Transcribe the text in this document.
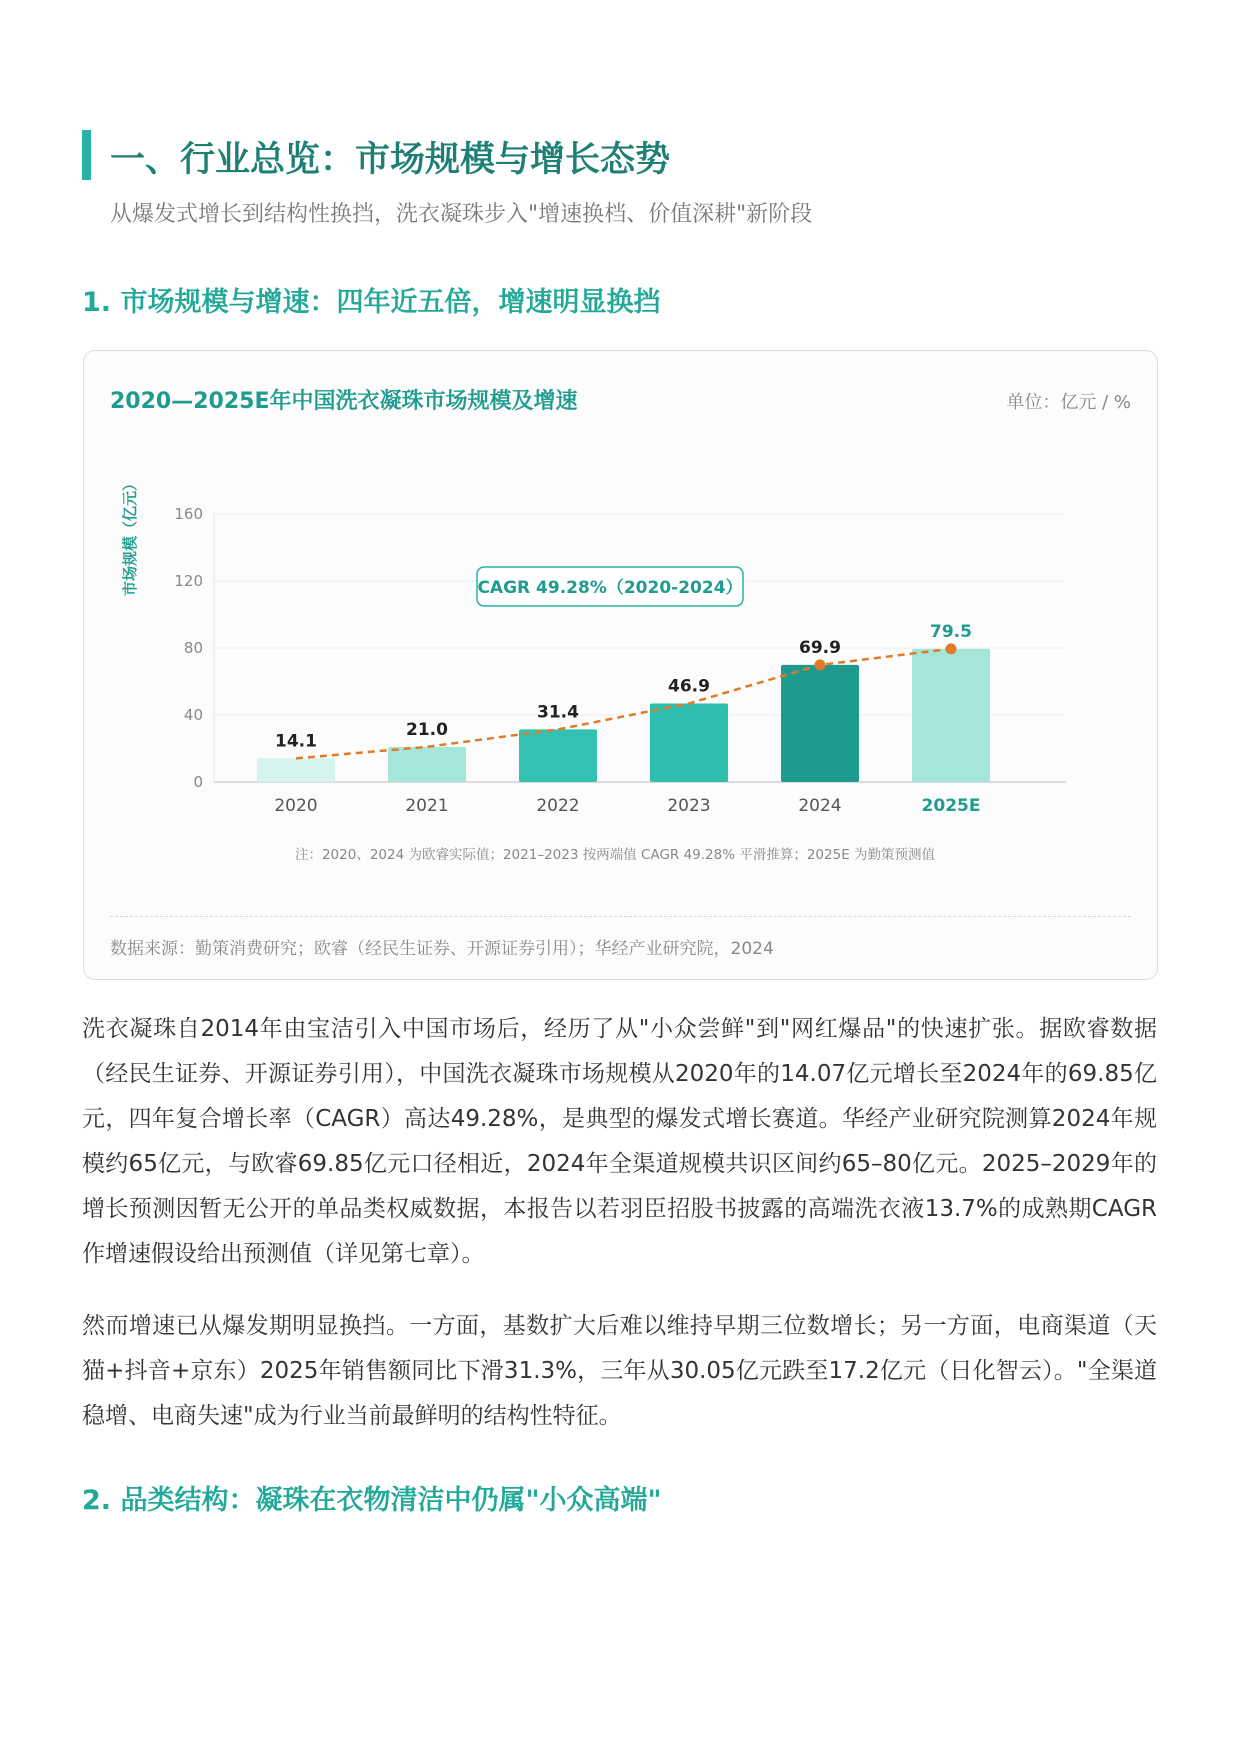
一、行业总览：市场规模与增长态势
从爆发式增长到结构性换挡，洗衣凝珠步入"增速换档、价值深耕"新阶段
1. 市场规模与增速：四年近五倍，增速明显换挡
2020—2025E年中国洗衣凝珠市场规模及增速	单位：亿元 / %
0
40
80
120
160
2020
14.1
2021
21.0
2022
31.4
2023
46.9
2024
69.9
2025E
79.5
市场规模（亿元）	CAGR 49.28%（2020-2024）
注：2020、2024 为欧睿实际值；2021–2023 按两端值 CAGR 49.28% 平滑推算；2025E 为勤策预测值
数据来源：勤策消费研究；欧睿（经民生证券、开源证券引用）；华经产业研究院，2024

洗衣凝珠自2014年由宝洁引入中国市场后，经历了从"小众尝鲜"到"网红爆品"的快速扩张。据欧睿数据（经民生证券、开源证券引用），中国洗衣凝珠市场规模从2020年的14.07亿元增长至2024年的69.85亿元，四年复合增长率（CAGR）高达49.28%，是典型的爆发式增长赛道。华经产业研究院测算2024年规模约65亿元，与欧睿69.85亿元口径相近，2024年全渠道规模共识区间约65–80亿元。2025–2029年的增长预测因暂无公开的单品类权威数据，本报告以若羽臣招股书披露的高端洗衣液13.7%的成熟期CAGR作增速假设给出预测值（详见第七章）。

然而增速已从爆发期明显换挡。一方面，基数扩大后难以维持早期三位数增长；另一方面，电商渠道（天猫+抖音+京东）2025年销售额同比下滑31.3%，三年从30.05亿元跌至17.2亿元（日化智云）。"全渠道稳增、电商失速"成为行业当前最鲜明的结构性特征。

2. 品类结构：凝珠在衣物清洁中仍属"小众高端"
